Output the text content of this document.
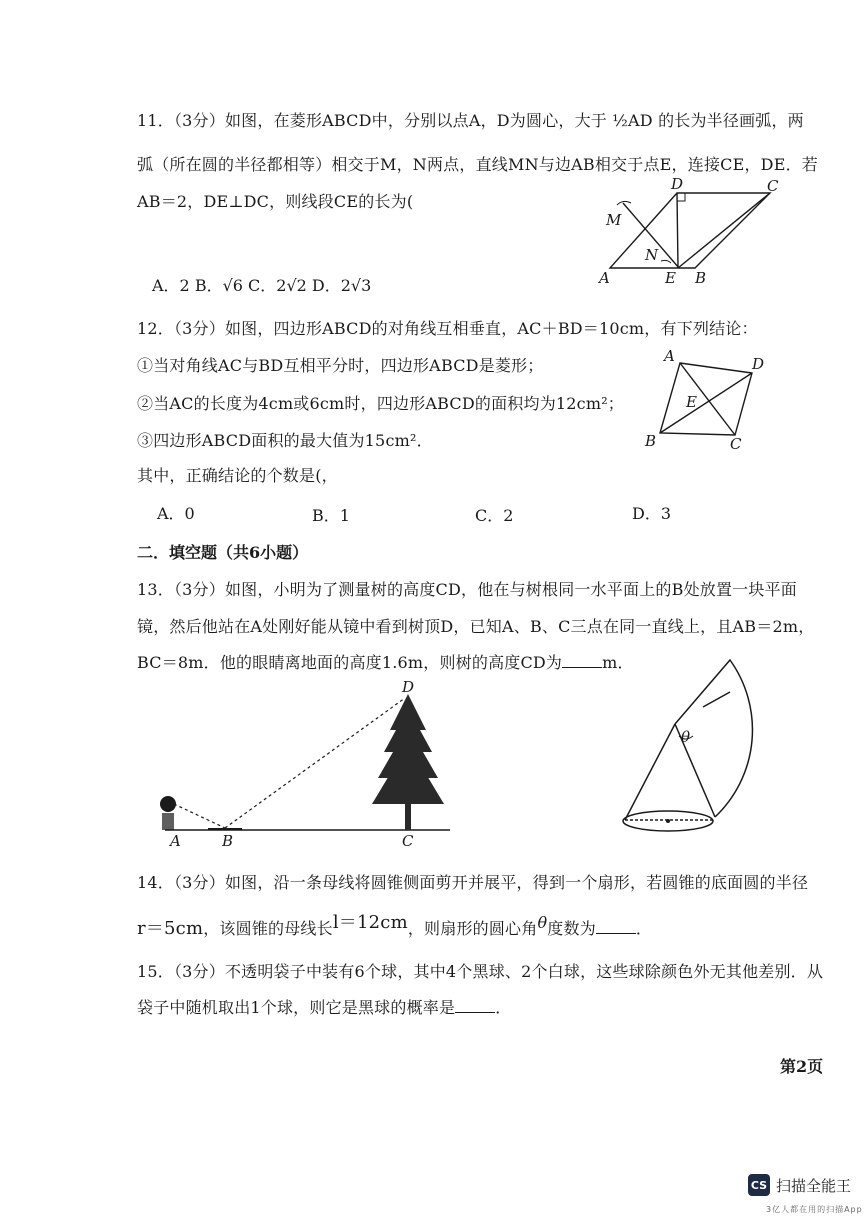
11．（3分）如图，在菱形ABCD中，分别以点A，D为圆心，大于 ½AD 的长为半径画弧，两
弧（所在圆的半径都相等）相交于M，N两点，直线MN与边AB相交于点E，连接CE，DE．若
AB＝2，DE⊥DC，则线段CE的长为(
A．2 B．√6 C．2√2 D．2√3
D	C
M
N
A	E B
12．（3分）如图，四边形ABCD的对角线互相垂直，AC＋BD＝10cm，有下列结论：
①当对角线AC与BD互相平分时，四边形ABCD是菱形；
②当AC的长度为4cm或6cm时，四边形ABCD的面积均为12cm²；
③四边形ABCD面积的最大值为15cm²．
其中，正确结论的个数是(，
A．0	B．1	C．2	D．3
A	D
E
B	C
二．填空题（共6小题）
13．（3分）如图，小明为了测量树的高度CD，他在与树根同一水平面上的B处放置一块平面
镜，然后他站在A处刚好能从镜中看到树顶D，已知A、B、C三点在同一直线上，且AB＝2m，
BC＝8m．他的眼睛离地面的高度1.6m，则树的高度CD为	m．
D
A	B	C
θ
14．（3分）如图，沿一条母线将圆锥侧面剪开并展平，得到一个扇形，若圆锥的底面圆的半径
r＝5cm，该圆锥的母线长l＝12cm，则扇形的圆心角θ度数为	．
15．（3分）不透明袋子中装有6个球，其中4个黑球、2个白球，这些球除颜色外无其他差别．从
袋子中随机取出1个球，则它是黑球的概率是	．
第2页
CS 扫描全能王
3亿人都在用的扫描App
